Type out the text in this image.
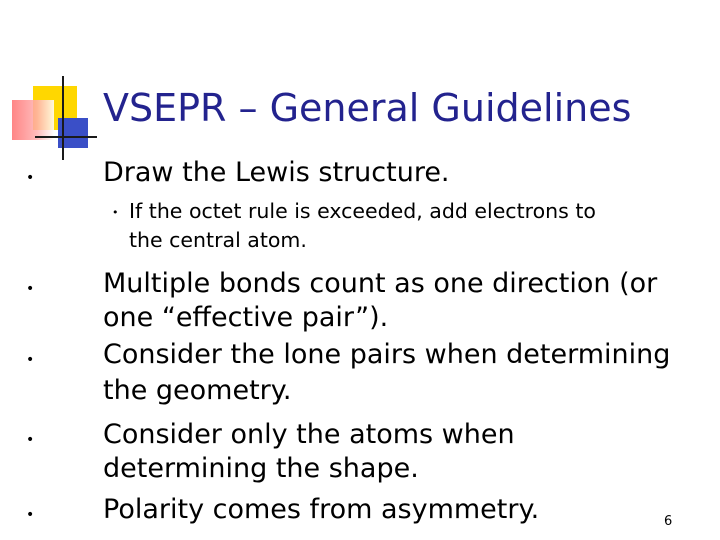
VSEPR – General Guidelines
•	Draw the Lewis structure.
• If the octet rule is exceeded, add electrons to
the central atom.
•	Multiple bonds count as one direction (or
one “effective pair”).
•	Consider the lone pairs when determining
the geometry.
•	Consider only the atoms when
determining the shape.
•	Polarity comes from asymmetry.	6
